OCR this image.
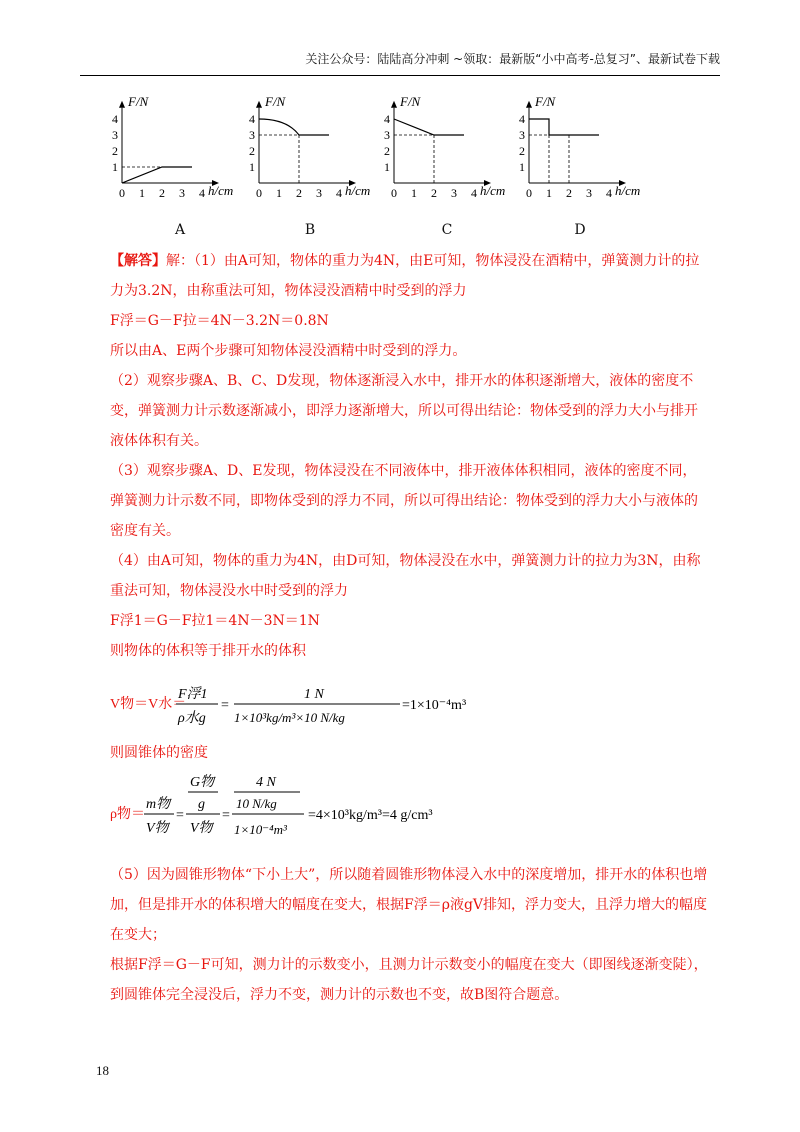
关注公众号：陆陆高分冲刺 ~领取：最新版“小中高考-总复习”、最新试卷下载
F/N
h/cm
4
3
2
1
0 1 2 3 4
F/N
h/cm
4
3
2
1
0 1 2 3 4
F/N
h/cm
4
3
2
1
0 1 2 3 4
F/N
h/cm
4
3
2
1
0 1 2 3 4
A	B	C	D

【解答】解：（1）由A可知，物体的重力为4N，由E可知，物体浸没在酒精中，弹簧测力计的拉力为3.2N，由称重法可知，物体浸没酒精中时受到的浮力

F浮＝G－F拉＝4N－3.2N＝0.8N

所以由A、E两个步骤可知物体浸没酒精中时受到的浮力。

（2）观察步骤A、B、C、D发现，物体逐渐浸入水中，排开水的体积逐渐增大，液体的密度不变，弹簧测力计示数逐渐减小，即浮力逐渐增大，所以可得出结论：物体受到的浮力大小与排开液体体积有关。

（3）观察步骤A、D、E发现，物体浸没在不同液体中，排开液体体积相同，液体的密度不同，弹簧测力计示数不同，即物体受到的浮力不同，所以可得出结论：物体受到的浮力大小与液体的密度有关。

（4）由A可知，物体的重力为4N，由D可知，物体浸没在水中，弹簧测力计的拉力为3N，由称重法可知，物体浸没水中时受到的浮力

F浮1＝G－F拉1＝4N－3N＝1N

则物体的体积等于排开水的体积

V物＝V水＝
F浮1
ρ水g
=
1 N
1×10³kg/m³×10 N/kg
=1×10⁻⁴m³

则圆锥体的密度

ρ物＝
m物
V物
=
G物
g
V物
=
4 N
10 N/kg
1×10⁻⁴m³
=4×10³kg/m³=4 g/cm³

（5）因为圆锥形物体“下小上大”，所以随着圆锥形物体浸入水中的深度增加，排开水的体积也增加，但是排开水的体积增大的幅度在变大，根据F浮＝ρ液gV排知，浮力变大，且浮力增大的幅度在变大；

根据F浮＝G－F可知，测力计的示数变小，且测力计示数变小的幅度在变大（即图线逐渐变陡），到圆锥体完全浸没后，浮力不变，测力计的示数也不变，故B图符合题意。

18
